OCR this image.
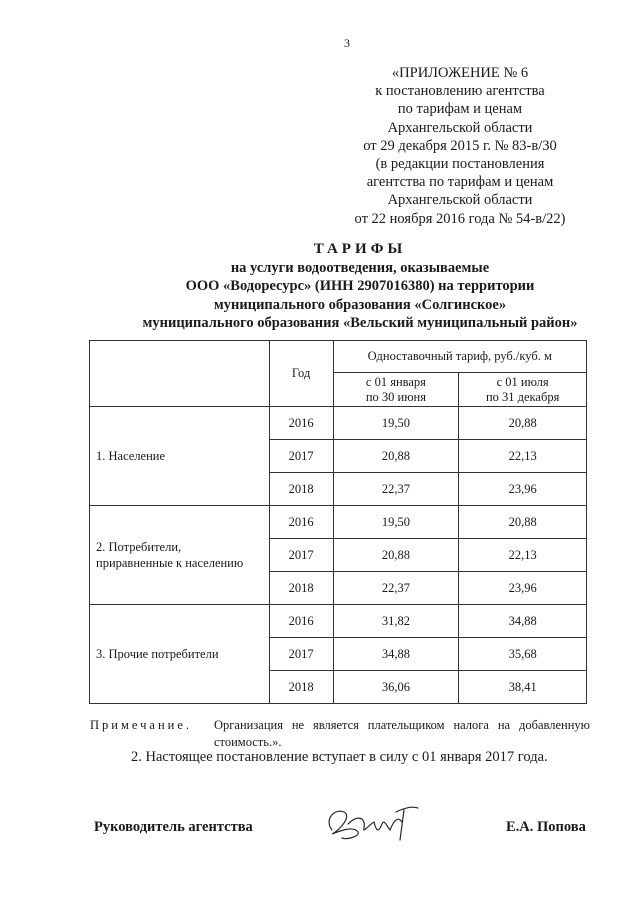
3
«ПРИЛОЖЕНИЕ № 6
к постановлению агентства
по тарифам и ценам
Архангельской области
от 29 декабря 2015 г. № 83-в/30
(в редакции постановления
агентства по тарифам и ценам
Архангельской области
от 22 ноября 2016 года № 54-в/22)
ТАРИФЫ
на услуги водоотведения, оказываемые
ООО «Водоресурс» (ИНН 2907016380) на территории
муниципального образования «Солгинское»
муниципального образования «Вельский муниципальный район»
	Год	Одноставочный тариф, руб./куб. м	
		с 01 января
по 30 июня	с 01 июля
по 31 декабря
1. Население	2016	19,50	20,88
	2017	20,88	22,13
	2018	22,37	23,96
2. Потребители,
приравненные к населению	2016	19,50	20,88
	2017	20,88	22,13
	2018	22,37	23,96
3. Прочие потребители	2016	31,82	34,88
	2017	34,88	35,68
	2018	36,06	38,41
Примечание. Организация не является плательщиком налога на добавленную
стоимость.».
2. Настоящее постановление вступает в силу с 01 января 2017 года.
Руководитель агентства	Е.А. Попова
